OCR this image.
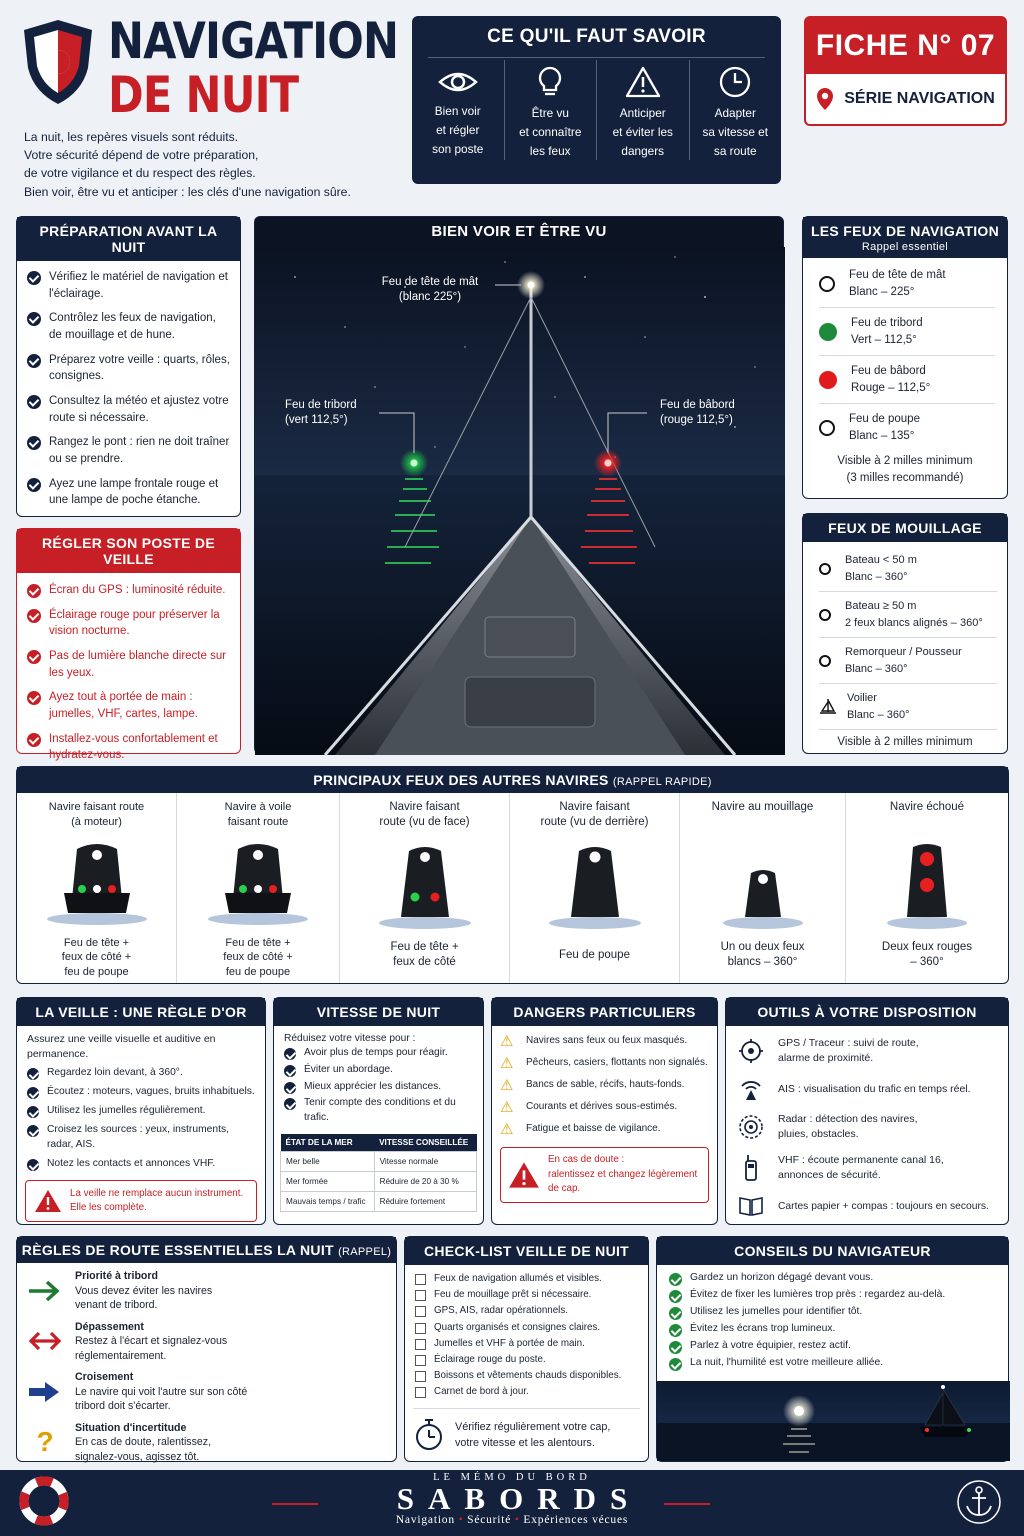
NAVIGATION
DE NUIT
La nuit, les repères visuels sont réduits.
Votre sécurité dépend de votre préparation,
de votre vigilance et du respect des règles.
Bien voir, être vu et anticiper : les clés d'une navigation sûre.
CE QU'IL FAUT SAVOIR
Bien voir
et régler
son poste
Être vu
et connaître
les feux
Anticiper
et éviter les
dangers
Adapter
sa vitesse et
sa route
FICHE N° 07
SÉRIE NAVIGATION
PRÉPARATION AVANT LA NUIT
Vérifiez le matériel de navigation et l'éclairage.
Contrôlez les feux de navigation, de mouillage et de hune.
Préparez votre veille : quarts, rôles, consignes.
Consultez la météo et ajustez votre route si nécessaire.
Rangez le pont : rien ne doit traîner ou se prendre.
Ayez une lampe frontale rouge et une lampe de poche étanche.
RÉGLER SON POSTE DE VEILLE
Écran du GPS : luminosité réduite.
Éclairage rouge pour préserver la vision nocturne.
Pas de lumière blanche directe sur les yeux.
Ayez tout à portée de main : jumelles, VHF, cartes, lampe.
Installez-vous confortablement et hydratez-vous.
BIEN VOIR ET ÊTRE VU
Feu de tête de mât
(blanc 225°)
Feu de tribord
(vert 112,5°)
Feu de bâbord
(rouge 112,5°)
LES FEUX DE NAVIGATION
Rappel essentiel
Feu de tête de mât
Blanc – 225°
Feu de tribord
Vert – 112,5°
Feu de bâbord
Rouge – 112,5°
Feu de poupe
Blanc – 135°
Visible à 2 milles minimum
(3 milles recommandé)
FEUX DE MOUILLAGE
Bateau < 50 m
Blanc – 360°
Bateau ≥ 50 m
2 feux blancs alignés – 360°
Remorqueur / Pousseur
Blanc – 360°
Voilier
Blanc – 360°
Visible à 2 milles minimum
PRINCIPAUX FEUX DES AUTRES NAVIRES (RAPPEL RAPIDE)
Navire faisant route
(à moteur)
Feu de tête +
feux de côté +
feu de poupe
Navire à voile
faisant route
Feu de tête +
feux de côté +
feu de poupe
Navire faisant
route (vu de face)
Feu de tête +
feux de côté
Navire faisant
route (vu de derrière)
Feu de poupe
Navire au mouillage
Un ou deux feux
blancs – 360°
Navire échoué
Deux feux rouges
– 360°
LA VEILLE : UNE RÈGLE D'OR
Assurez une veille visuelle et auditive en permanence.
Regardez loin devant, à 360°.
Écoutez : moteurs, vagues, bruits inhabituels.
Utilisez les jumelles régulièrement.
Croisez les sources : yeux, instruments, radar, AIS.
Notez les contacts et annonces VHF.
La veille ne remplace aucun instrument.
Elle les complète.
VITESSE DE NUIT
Réduisez votre vitesse pour :
Avoir plus de temps pour réagir.
Éviter un abordage.
Mieux apprécier les distances.
Tenir compte des conditions et du trafic.
ÉTAT DE LA MER	VITESSE CONSEILLÉE
Mer belle	Vitesse normale
Mer formée	Réduire de 20 à 30 %
Mauvais temps / trafic	Réduire fortement
DANGERS PARTICULIERS
⚠	Navires sans feux ou feux masqués.
⚠	Pêcheurs, casiers, flottants non signalés.
⚠	Bancs de sable, récifs, hauts-fonds.
⚠	Courants et dérives sous-estimés.
⚠	Fatigue et baisse de vigilance.
En cas de doute :
ralentissez et changez légèrement
de cap.
OUTILS À VOTRE DISPOSITION
GPS / Traceur : suivi de route,
alarme de proximité.
AIS : visualisation du trafic en temps réel.
Radar : détection des navires,
pluies, obstacles.
VHF : écoute permanente canal 16,
annonces de sécurité.
Cartes papier + compas : toujours en secours.
RÈGLES DE ROUTE ESSENTIELLES LA NUIT (RAPPEL)
Priorité à tribord
Vous devez éviter les navires
venant de tribord.
Dépassement
Restez à l'écart et signalez-vous
réglementairement.
Croisement
Le navire qui voit l'autre sur son côté
tribord doit s'écarter.
?	Situation d'incertitude
En cas de doute, ralentissez,
signalez-vous, agissez tôt.
CHECK-LIST VEILLE DE NUIT
Feux de navigation allumés et visibles.
Feu de mouillage prêt si nécessaire.
GPS, AIS, radar opérationnels.
Quarts organisés et consignes claires.
Jumelles et VHF à portée de main.
Éclairage rouge du poste.
Boissons et vêtements chauds disponibles.
Carnet de bord à jour.
Vérifiez régulièrement votre cap,
votre vitesse et les alentours.
CONSEILS DU NAVIGATEUR
Gardez un horizon dégagé devant vous.
Évitez de fixer les lumières trop près : regardez au-delà.
Utilisez les jumelles pour identifier tôt.
Évitez les écrans trop lumineux.
Parlez à votre équipier, restez actif.
La nuit, l'humilité est votre meilleure alliée.
LE MÉMO DU BORD
SABORDS
Navigation • Sécurité • Expériences vécues
